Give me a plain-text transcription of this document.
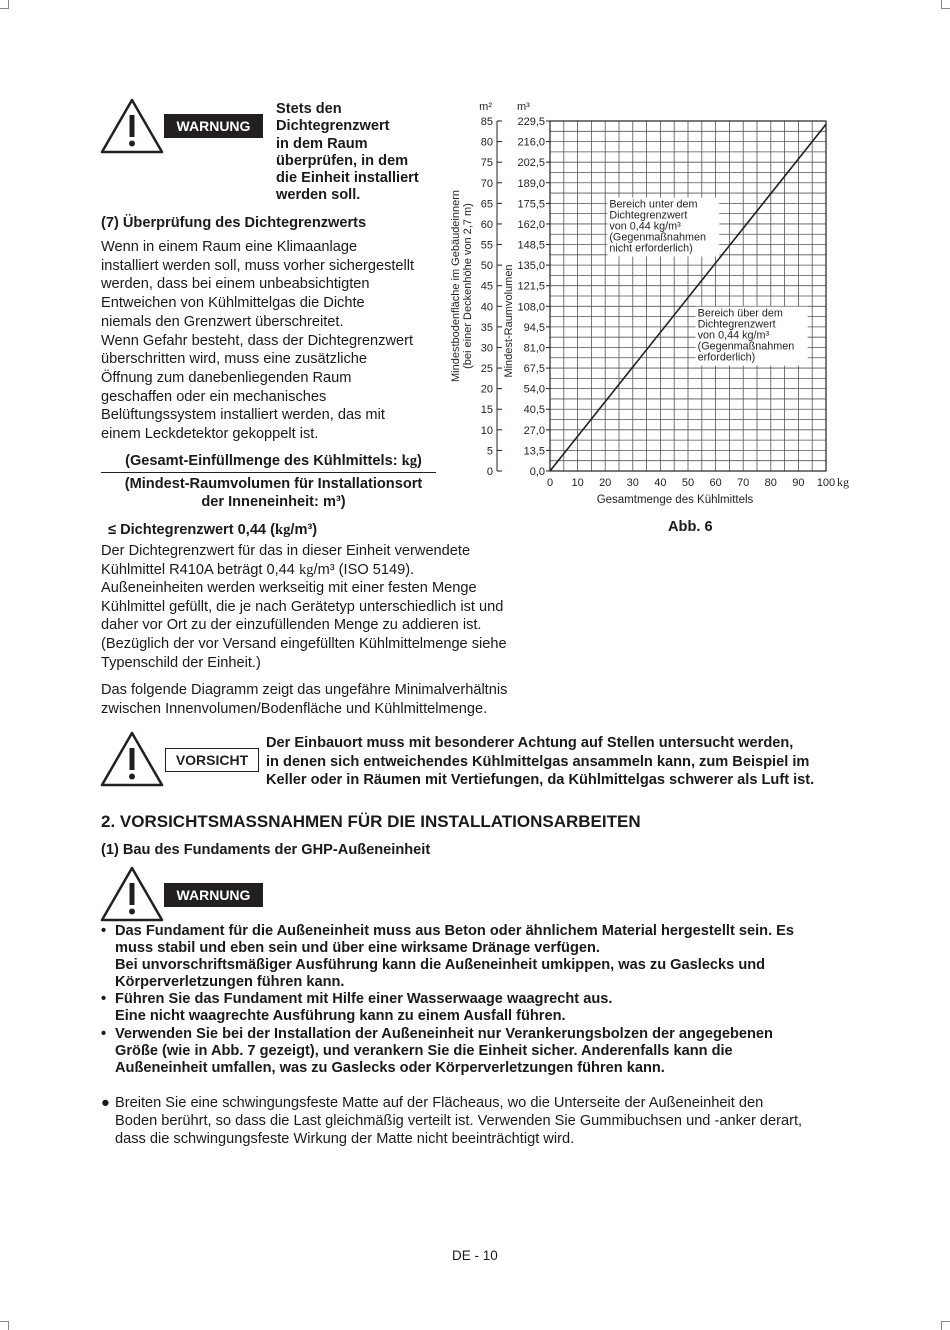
WARNUNG
Stets den
Dichtegrenzwert
in dem Raum
überprüfen, in dem
die Einheit installiert
werden soll.
(7) Überprüfung des Dichtegrenzwerts
Wenn in einem Raum eine Klimaanlage
installiert werden soll, muss vorher sichergestellt
werden, dass bei einem unbeabsichtigten
Entweichen von Kühlmittelgas die Dichte
niemals den Grenzwert überschreitet.
Wenn Gefahr besteht, dass der Dichtegrenzwert
überschritten wird, muss eine zusätzliche
Öffnung zum danebenliegenden Raum
geschaffen oder ein mechanisches
Belüftungssystem installiert werden, das mit
einem Leckdetektor gekoppelt ist.
(Gesamt-Einfüllmenge des Kühlmittels: kg)
(Mindest-Raumvolumen für Installationsort
der Inneneinheit: m³)
≤ Dichtegrenzwert 0,44 (kg/m³)
Der Dichtegrenzwert für das in dieser Einheit verwendete
Kühlmittel R410A beträgt 0,44 kg/m³ (ISO 5149).
Außeneinheiten werden werkseitig mit einer festen Menge
Kühlmittel gefüllt, die je nach Gerätetyp unterschiedlich ist und
daher vor Ort zu der einzufüllenden Menge zu addieren ist.
(Bezüglich der vor Versand eingefüllten Kühlmittelmenge siehe
Typenschild der Einheit.)
Das folgende Diagramm zeigt das ungefähre Minimalverhältnis
zwischen Innenvolumen/Bodenfläche und Kühlmittelmenge.
0
5
10
15
20
25
30
35
40
45
50
55
60
65
70
75
80
85
m²
0,0
13,5
27,0
40,5
54,0
67,5
81,0
94,5
108,0
121,5
135,0
148,5
162,0
175,5
189,0
202,5
216,0
229,5
m³
Mindestbodenfläche im Gebäudeinnern (bei einer Deckenhöhe von 2,7 m)	Mindest-Raumvolumen
0 10 20 30 40 50 60 70 80 90 100 kg
Gesamtmenge des Kühlmittels
Bereich unter dem Dichtegrenzwert von 0,44 kg/m³ (Gegenmaßnahmen nicht erforderlich)
Bereich über dem Dichtegrenzwert von 0,44 kg/m³ (Gegenmaßnahmen erforderlich)
Abb. 6
VORSICHT
Der Einbauort muss mit besonderer Achtung auf Stellen untersucht werden,
in denen sich entweichendes Kühlmittelgas ansammeln kann, zum Beispiel im
Keller oder in Räumen mit Vertiefungen, da Kühlmittelgas schwerer als Luft ist.
2. VORSICHTSMASSNAHMEN FÜR DIE INSTALLATIONSARBEITEN
(1) Bau des Fundaments der GHP-Außeneinheit
WARNUNG
• Das Fundament für die Außeneinheit muss aus Beton oder ähnlichem Material hergestellt sein. Es
muss stabil und eben sein und über eine wirksame Dränage verfügen.
Bei unvorschriftsmäßiger Ausführung kann die Außeneinheit umkippen, was zu Gaslecks und
Körperverletzungen führen kann.
• Führen Sie das Fundament mit Hilfe einer Wasserwaage waagrecht aus.
Eine nicht waagrechte Ausführung kann zu einem Ausfall führen.
• Verwenden Sie bei der Installation der Außeneinheit nur Verankerungsbolzen der angegebenen
Größe (wie in Abb. 7 gezeigt), und verankern Sie die Einheit sicher. Anderenfalls kann die
Außeneinheit umfallen, was zu Gaslecks oder Körperverletzungen führen kann.
● Breiten Sie eine schwingungsfeste Matte auf der Flächeaus, wo die Unterseite der Außeneinheit den
Boden berührt, so dass die Last gleichmäßig verteilt ist. Verwenden Sie Gummibuchsen und -anker derart,
dass die schwingungsfeste Wirkung der Matte nicht beeinträchtigt wird.
DE - 10
